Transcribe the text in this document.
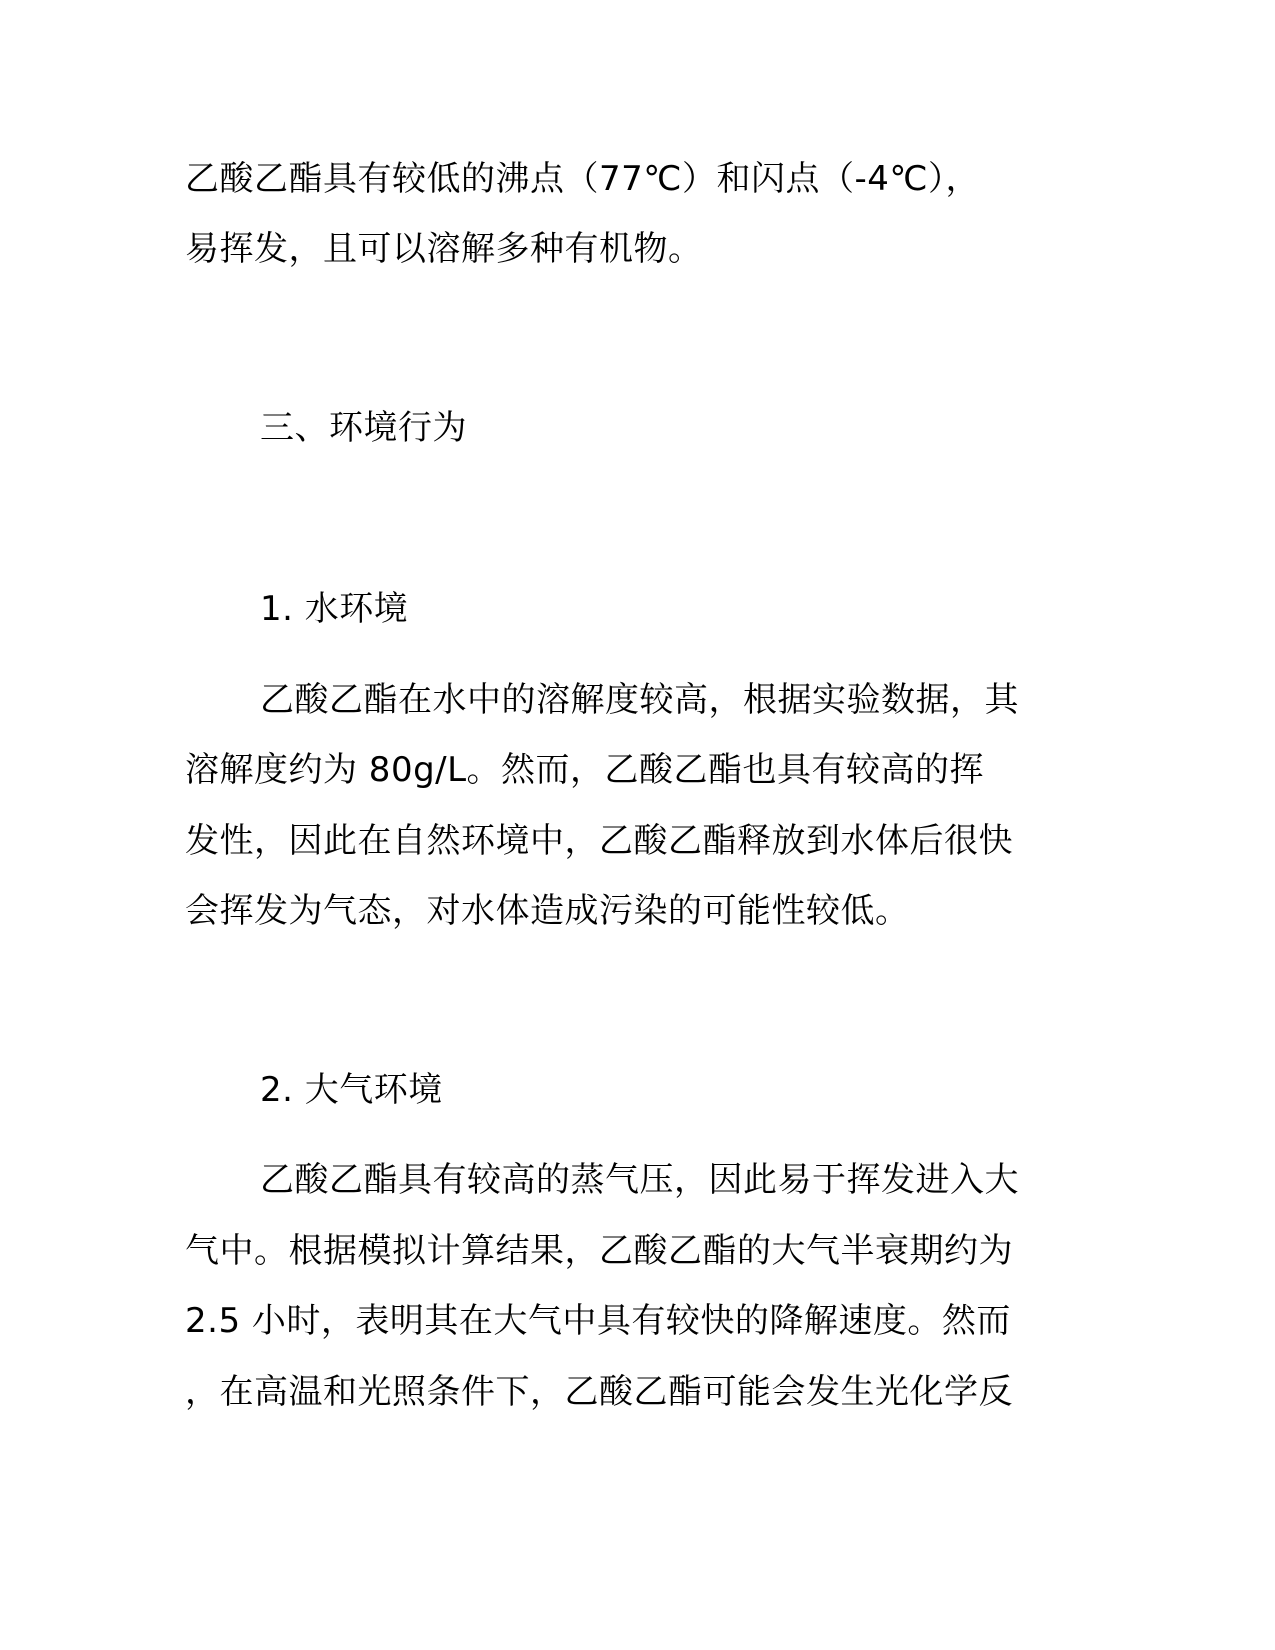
乙酸乙酯具有较低的沸点（77℃）和闪点（-4℃），
易挥发，且可以溶解多种有机物。
三、环境行为
1. 水环境
乙酸乙酯在水中的溶解度较高，根据实验数据，其
溶解度约为 80g/L。然而，乙酸乙酯也具有较高的挥
发性，因此在自然环境中，乙酸乙酯释放到水体后很快
会挥发为气态，对水体造成污染的可能性较低。
2. 大气环境
乙酸乙酯具有较高的蒸气压，因此易于挥发进入大
气中。根据模拟计算结果，乙酸乙酯的大气半衰期约为
2.5 小时，表明其在大气中具有较快的降解速度。然而
，在高温和光照条件下，乙酸乙酯可能会发生光化学反
